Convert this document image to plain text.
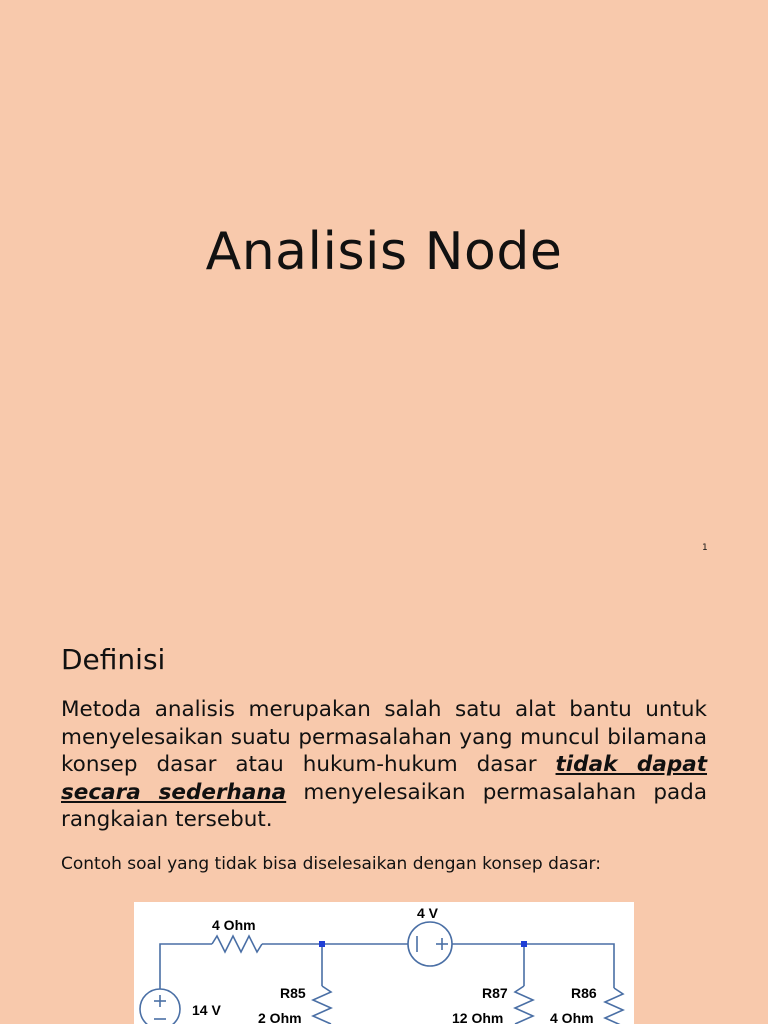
Analisis Node
1
Definisi

Metoda analisis merupakan salah satu alat bantu untuk menyelesaikan suatu permasalahan yang muncul bilamana konsep dasar atau hukum-hukum dasar tidak dapat secara sederhana menyelesaikan permasalahan pada rangkaian tersebut.

Contoh soal yang tidak bisa diselesaikan dengan konsep dasar:

4 Ohm
4 V
14 V
R85
2 Ohm
R87
12 Ohm
R86
4 Ohm
